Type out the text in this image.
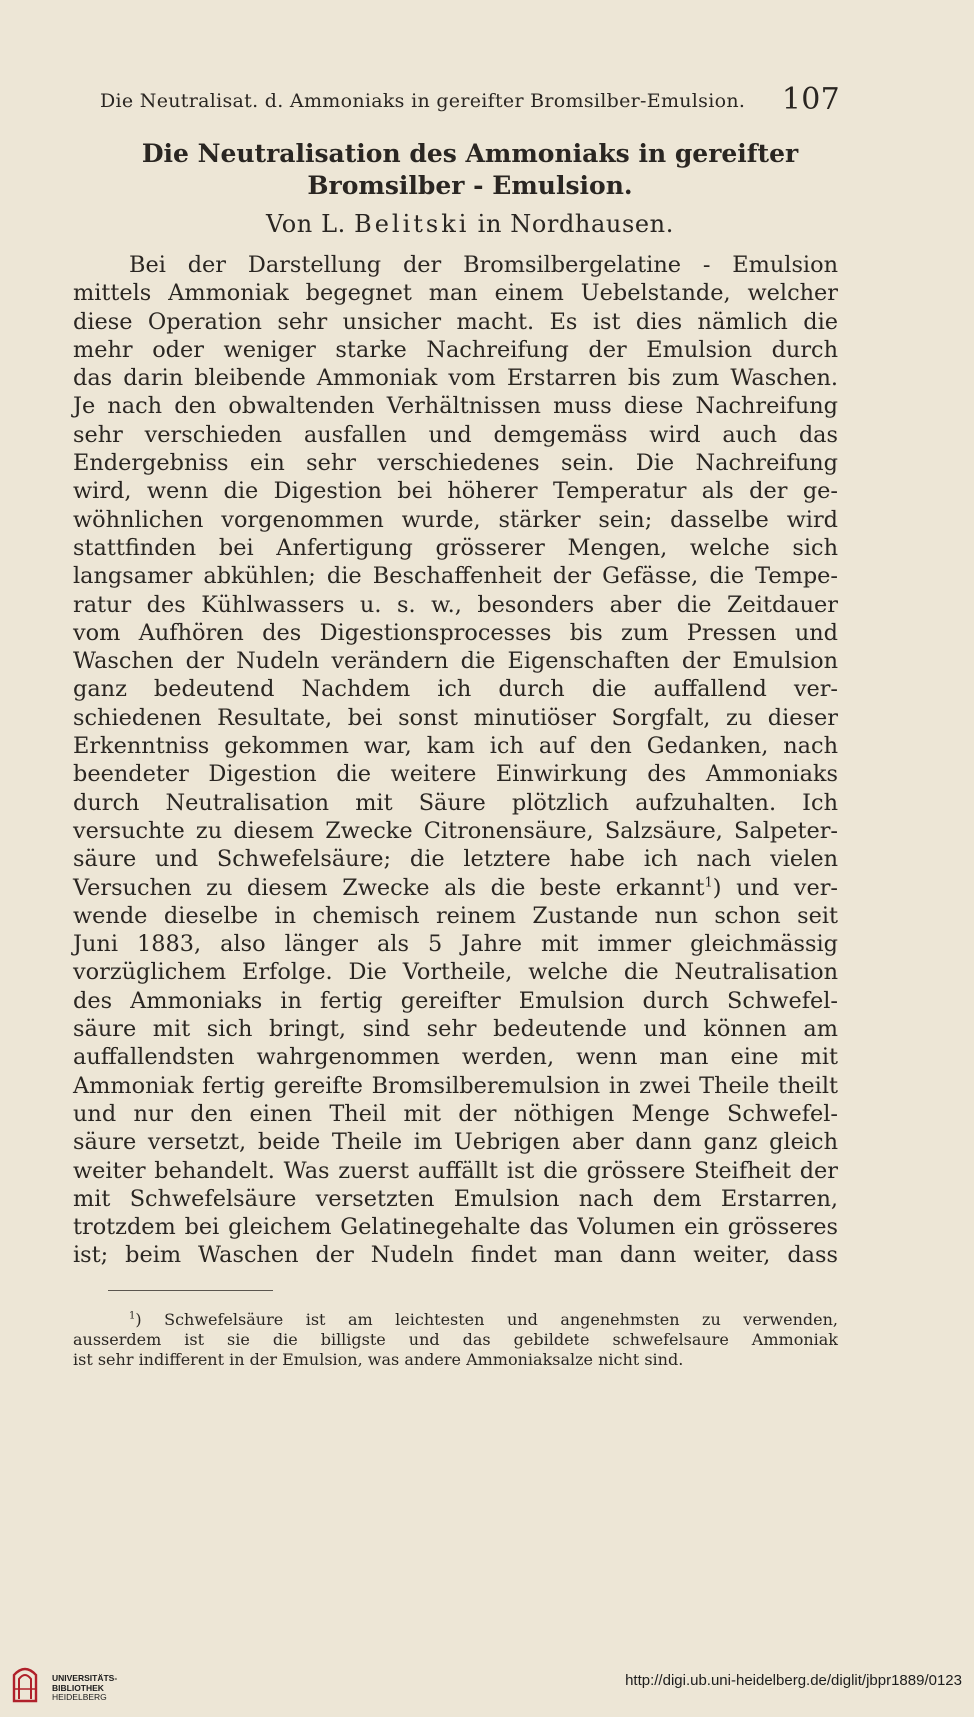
Die Neutralisat. d. Ammoniaks in gereifter Bromsilber-Emulsion. 107
Die Neutralisation des Ammoniaks in gereifter
Bromsilber - Emulsion.
Von L. Belitski in Nordhausen.
Bei der Darstellung der Bromsilbergelatine - Emulsion
mittels Ammoniak begegnet man einem Uebelstande, welcher
diese Operation sehr unsicher macht. Es ist dies nämlich die
mehr oder weniger starke Nachreifung der Emulsion durch
das darin bleibende Ammoniak vom Erstarren bis zum Waschen.
Je nach den obwaltenden Verhältnissen muss diese Nachreifung
sehr verschieden ausfallen und demgemäss wird auch das
Endergebniss ein sehr verschiedenes sein. Die Nachreifung
wird, wenn die Digestion bei höherer Temperatur als der ge-
wöhnlichen vorgenommen wurde, stärker sein; dasselbe wird
stattfinden bei Anfertigung grösserer Mengen, welche sich
langsamer abkühlen; die Beschaffenheit der Gefässe, die Tempe-
ratur des Kühlwassers u. s. w., besonders aber die Zeitdauer
vom Aufhören des Digestionsprocesses bis zum Pressen und
Waschen der Nudeln verändern die Eigenschaften der Emulsion
ganz bedeutend Nachdem ich durch die auffallend ver-
schiedenen Resultate, bei sonst minutiöser Sorgfalt, zu dieser
Erkenntniss gekommen war, kam ich auf den Gedanken, nach
beendeter Digestion die weitere Einwirkung des Ammoniaks
durch Neutralisation mit Säure plötzlich aufzuhalten. Ich
versuchte zu diesem Zwecke Citronensäure, Salzsäure, Salpeter-
säure und Schwefelsäure; die letztere habe ich nach vielen
Versuchen zu diesem Zwecke als die beste erkannt$^1$) und ver-
wende dieselbe in chemisch reinem Zustande nun schon seit
Juni 1883, also länger als 5 Jahre mit immer gleichmässig
vorzüglichem Erfolge. Die Vortheile, welche die Neutralisation
des Ammoniaks in fertig gereifter Emulsion durch Schwefel-
säure mit sich bringt, sind sehr bedeutende und können am
auffallendsten wahrgenommen werden, wenn man eine mit
Ammoniak fertig gereifte Bromsilberemulsion in zwei Theile theilt
und nur den einen Theil mit der nöthigen Menge Schwefel-
säure versetzt, beide Theile im Uebrigen aber dann ganz gleich
weiter behandelt. Was zuerst auffällt ist die grössere Steifheit der
mit Schwefelsäure versetzten Emulsion nach dem Erstarren,
trotzdem bei gleichem Gelatinegehalte das Volumen ein grösseres
ist; beim Waschen der Nudeln findet man dann weiter, dass
$^1$) Schwefelsäure ist am leichtesten und angenehmsten zu verwenden,
ausserdem ist sie die billigste und das gebildete schwefelsaure Ammoniak
ist sehr indifferent in der Emulsion, was andere Ammoniaksalze nicht sind.
UNIVERSITÄTS-
BIBLIOTHEK
HEIDELBERG
http://digi.ub.uni-heidelberg.de/diglit/jbpr1889/0123
